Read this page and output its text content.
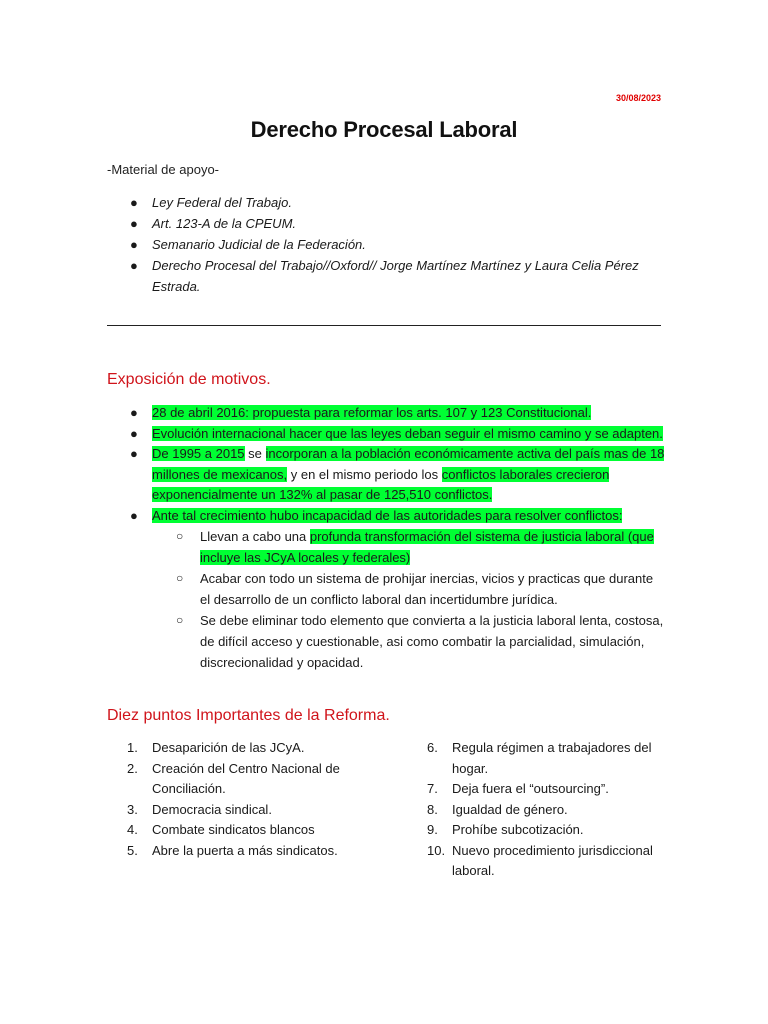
30/08/2023
Derecho Procesal Laboral
-Material de apoyo-
● Ley Federal del Trabajo.
● Art. 123-A de la CPEUM.
● Semanario Judicial de la Federación.
● Derecho Procesal del Trabajo//Oxford// Jorge Martínez Martínez y Laura Celia Pérez Estrada.
Exposición de motivos.
● 28 de abril 2016: propuesta para reformar los arts. 107 y 123 Constitucional.
● Evolución internacional hacer que las leyes deban seguir el mismo camino y se adapten.
● De 1995 a 2015 se incorporan a la población económicamente activa del país mas de 18 millones de mexicanos, y en el mismo periodo los conflictos laborales crecieron exponencialmente un 132% al pasar de 125,510 conflictos.
● Ante tal crecimiento hubo incapacidad de las autoridades para resolver conflictos:
○ Llevan a cabo una profunda transformación del sistema de justicia laboral (que incluye las JCyA locales y federales)
○ Acabar con todo un sistema de prohijar inercias, vicios y practicas que durante el desarrollo de un conflicto laboral dan incertidumbre jurídica.
○ Se debe eliminar todo elemento que convierta a la justicia laboral lenta, costosa, de difícil acceso y cuestionable, asi como combatir la parcialidad, simulación, discrecionalidad y opacidad.
Diez puntos Importantes de la Reforma.
1. Desaparición de las JCyA.
2. Creación del Centro Nacional de Conciliación.
3. Democracia sindical.
4. Combate sindicatos blancos
5. Abre la puerta a más sindicatos.
6. Regula régimen a trabajadores del hogar.
7. Deja fuera el “outsourcing”.
8. Igualdad de género.
9. Prohíbe subcotización.
10. Nuevo procedimiento jurisdiccional laboral.
